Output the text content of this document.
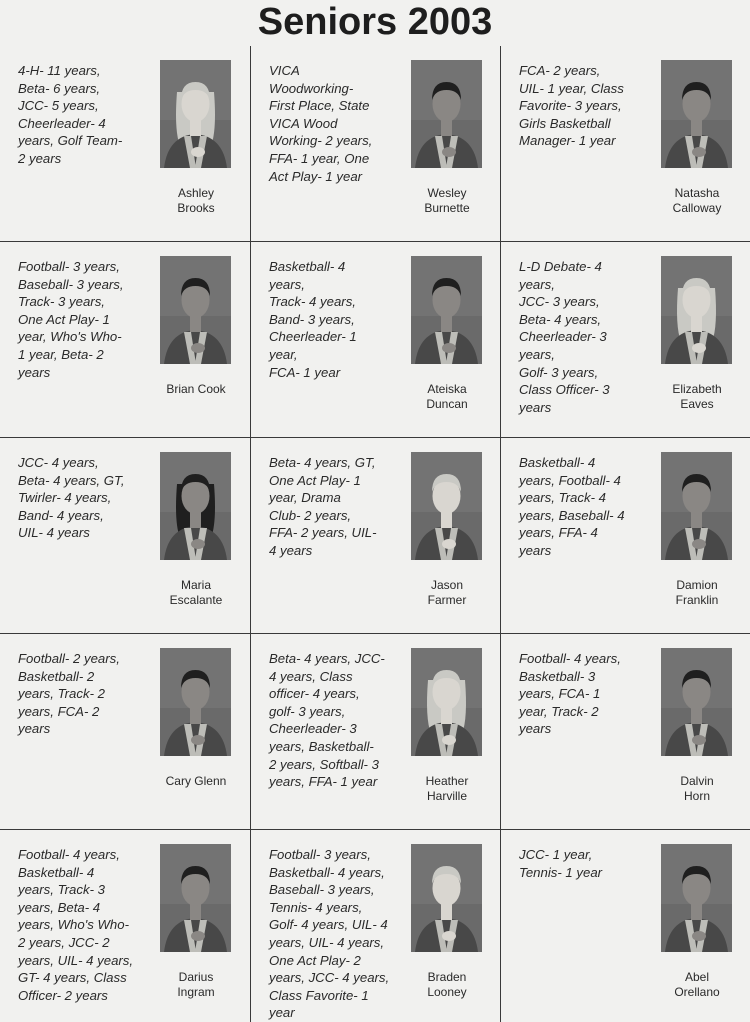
Seniors 2003
4-H- 11 years,
Beta- 6 years,
JCC- 5 years,
Cheerleader- 4
years, Golf Team-
2 years
Ashley
Brooks
VICA
Woodworking-
First Place, State
VICA Wood
Working- 2 years,
FFA- 1 year, One
Act Play- 1 year
Wesley
Burnette
FCA- 2 years,
UIL- 1 year, Class
Favorite- 3 years,
Girls Basketball
Manager- 1 year
Natasha
Calloway
Football- 3 years,
Baseball- 3 years,
Track- 3 years,
One Act Play- 1
year, Who's Who-
1 year, Beta- 2
years
Brian Cook
Basketball- 4
years,
Track- 4 years,
Band- 3 years,
Cheerleader- 1
year,
FCA- 1 year
Ateiska
Duncan
L-D Debate- 4
years,
JCC- 3 years,
Beta- 4 years,
Cheerleader- 3
years,
Golf- 3 years,
Class Officer- 3
years
Elizabeth
Eaves
JCC- 4 years,
Beta- 4 years, GT,
Twirler- 4 years,
Band- 4 years,
UIL- 4 years
Maria
Escalante
Beta- 4 years, GT,
One Act Play- 1
year, Drama
Club- 2 years,
FFA- 2 years, UIL-
4 years
Jason
Farmer
Basketball- 4
years, Football- 4
years, Track- 4
years, Baseball- 4
years, FFA- 4
years
Damion
Franklin
Football- 2 years,
Basketball- 2
years, Track- 2
years, FCA- 2
years
Cary Glenn
Beta- 4 years, JCC-
4 years, Class
officer- 4 years,
golf- 3 years,
Cheerleader- 3
years, Basketball-
2 years, Softball- 3
years, FFA- 1 year	Heather
Harville
Football- 4 years,
Basketball- 3
years, FCA- 1
year, Track- 2
years
Dalvin
Horn
Football- 4 years,
Basketball- 4
years, Track- 3
years, Beta- 4
years, Who's Who-
2 years, JCC- 2
years, UIL- 4 years,
GT- 4 years, Class
Officer- 2 years
Darius
Ingram
Football- 3 years,
Basketball- 4 years,
Baseball- 3 years,
Tennis- 4 years,
Golf- 4 years, UIL- 4
years, UIL- 4 years,
One Act Play- 2
years, JCC- 4 years,
Class Favorite- 1
year
Braden
Looney
JCC- 1 year,
Tennis- 1 year
Abel
Orellano
